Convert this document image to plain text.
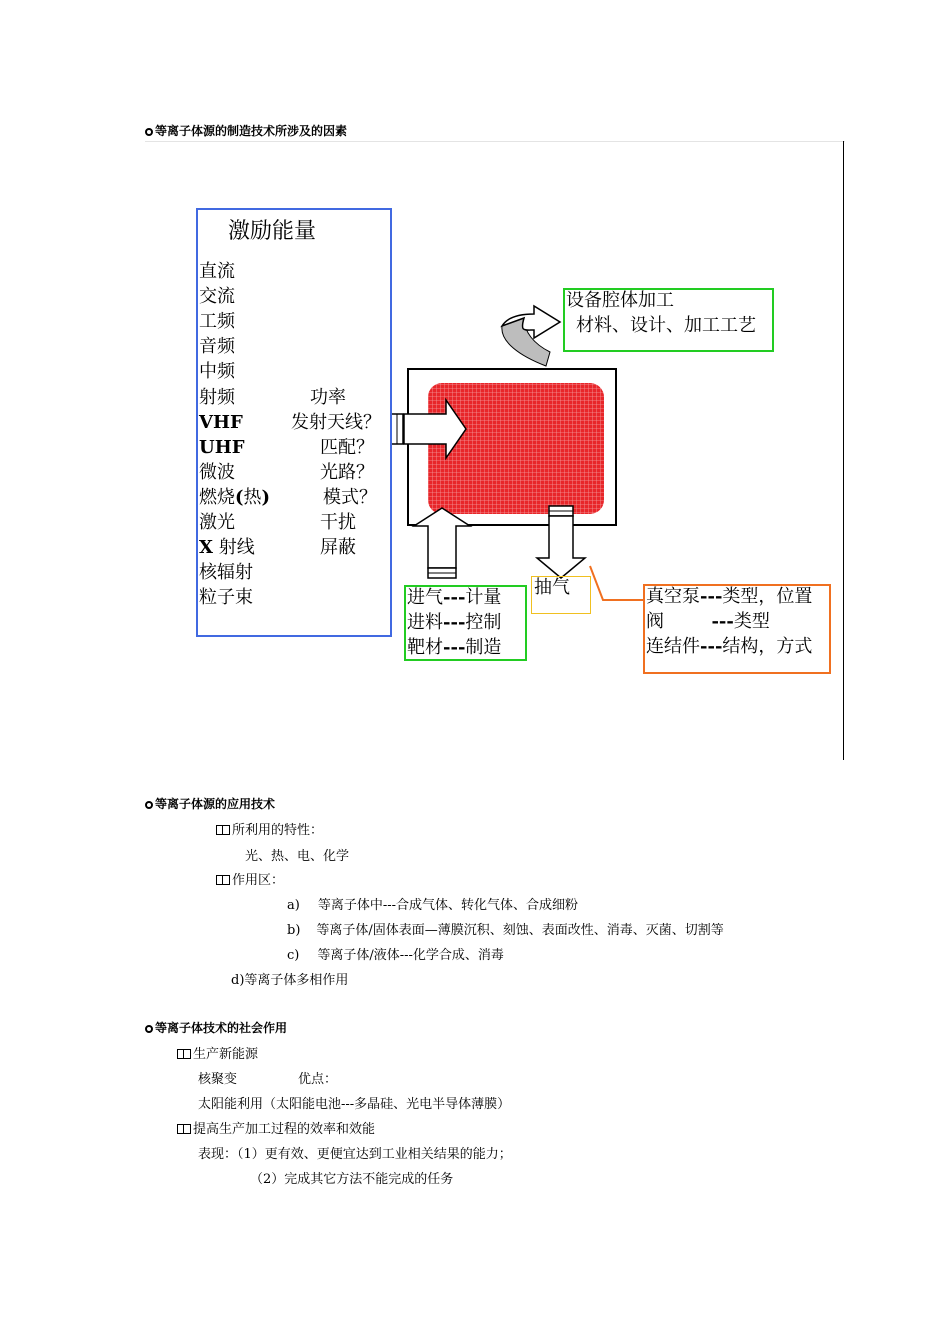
等离子体源的制造技术所涉及的因素
激励能量
直流
交流
工频
音频
中频
射频	功率
VHF	发射天线？
UHF	匹配？
微波	光路？
燃烧(热)	模式？
激光	干扰
X 射线	屏蔽
核辐射
粒子束
设备腔体加工
材料、设计、加工工艺
进气---计量
进料---控制
靶材---制造
抽气	真空泵---类型，位置
阀 　　 ---类型
连结件---结构，方式
等离子体源的应用技术
所利用的特性：
光、热、电、化学
作用区：
a) 等离子体中---合成气体、转化气体、合成细粉
b) 等离子体/固体表面—薄膜沉积、刻蚀、表面改性、消毒、灭菌、切割等
c) 等离子体/液体---化学合成、消毒
d)等离子体多相作用
等离子体技术的社会作用
生产新能源
核聚变	优点：
太阳能利用（太阳能电池---多晶硅、光电半导体薄膜）
提高生产加工过程的效率和效能
表现：（1）更有效、更便宜达到工业相关结果的能力；
（2）完成其它方法不能完成的任务
